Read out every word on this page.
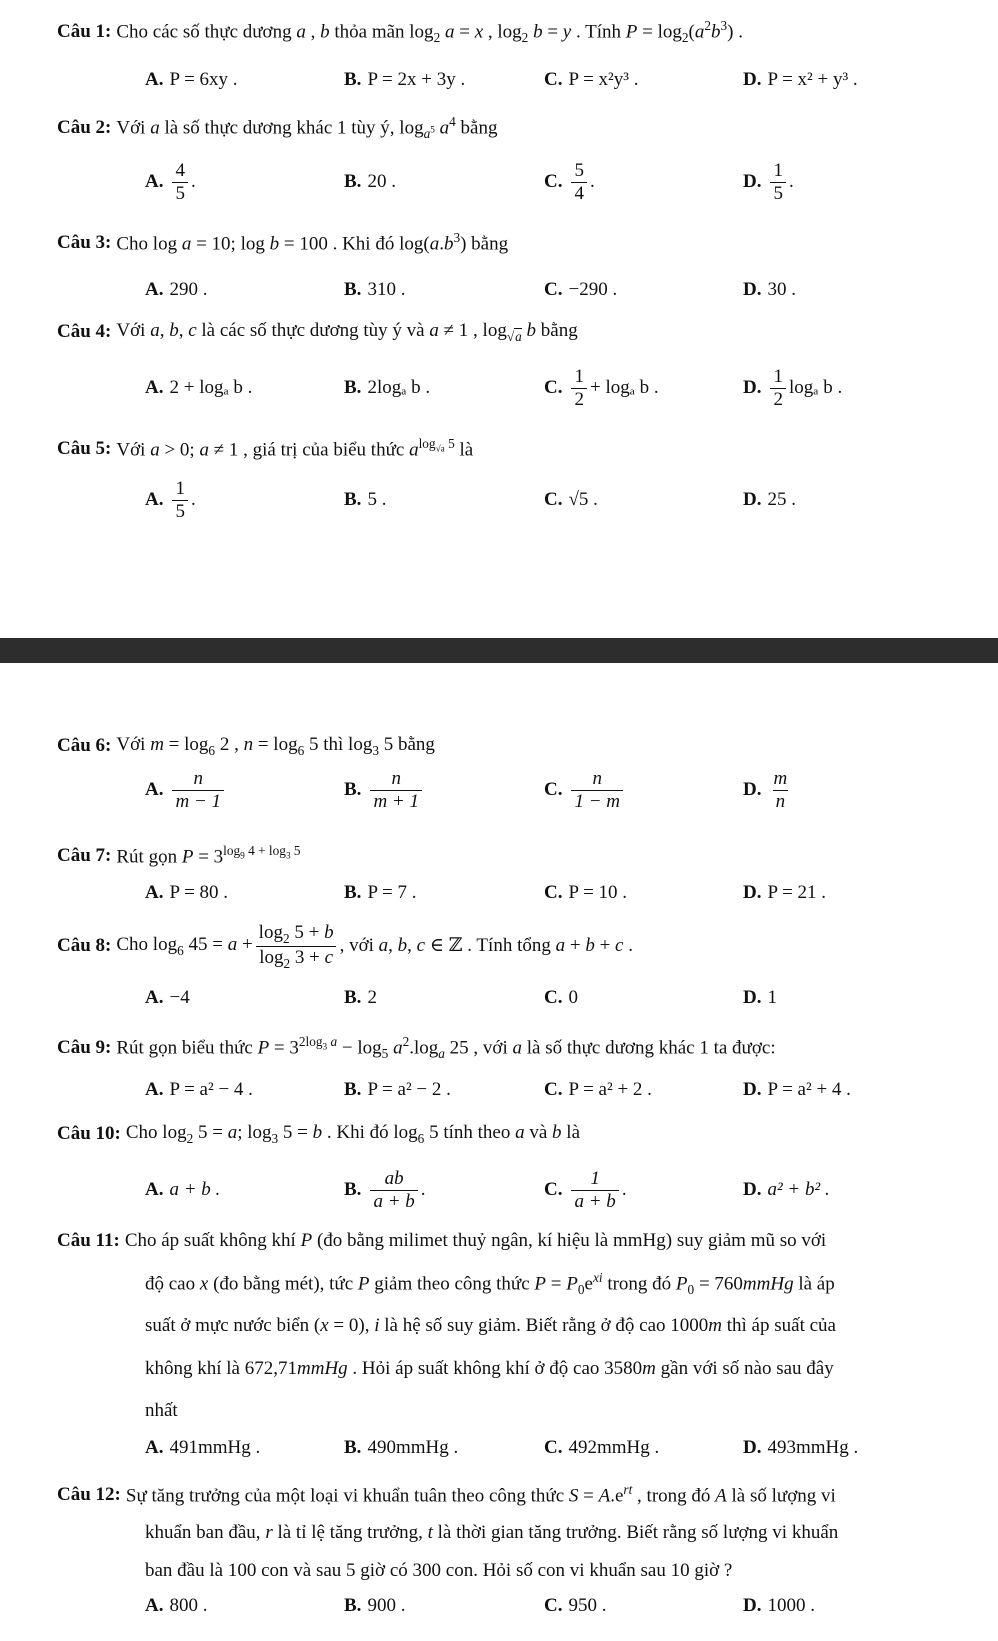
Câu 1: Cho các số thực dương a , b thỏa mãn $\log_2 a = x$ , $\log_2 b = y$ . Tính $P = \log_2(a^2b^3)$ .
A. P = 6xy .	B. P = 2x + 3y .	C. P = x²y³ .	D. P = x² + y³ .
Câu 2: Với a là số thực dương khác 1 tùy ý, $\log_{a^5} a^4$ bằng
A. $\frac{4}{5}$ .	B. 20 .	C. $\frac{5}{4}$ .	D. $\frac{1}{5}$ .
Câu 3: Cho log a = 10; log b = 100 . Khi đó $\log(a.b^3)$ bằng
A. 290 .	B. 310 .	C. −290 .	D. 30 .
Câu 4: Với a, b, c là các số thực dương tùy ý và a ≠ 1 , $\log_{√a} b$ bằng
A. 2 + logₐ b .	B. 2logₐ b .	C. $\frac{1}{2} + \log_a$ b .	D. $\frac{1}{2}$ logₐ b .
Câu 5: Với a > 0; a ≠ 1 , giá trị của biểu thức $a^{log_{√a} 5}$ là
A. $\frac{1}{5}$ .	B. 5 .	C. √5 .	D. 25 .
Câu 6: Với $m = \log_6 2$ , $n = \log_6 5$ thì $\log_3 5$ bằng
A. $\frac{n}{m - 1}$	B. $\frac{n}{m + 1}$	C. $\frac{n}{1 - m}$	D. $\frac{m}{n}$
Câu 7: Rút gọn $P = 3^{log_9 4 + log_3 5}$
A. P = 80 .	B. P = 7 .	C. P = 10 .	D. P = 21 .
Câu 8: Cho $\log_6 45 = a + \frac{\log_2 5 + b}{\log_2 3 + c}$ , với a, b, c ∈ ℤ . Tính tổng a + b + c .
A. −4	B. 2	C. 0	D. 1
Câu 9: Rút gọn biểu thức $P = 3^{2log_3 a} - \log_5 a^2.\log_a$ 25 , với a là số thực dương khác 1 ta được:
A. P = a² − 4 .	B. P = a² − 2 .	C. P = a² + 2 .	D. P = a² + 4 .
Câu 10: Cho $\log_2 5 = a$; $\log_3 5 = b$ . Khi đó $\log_6 5$ tính theo a và b là
A. a + b .	B. $\frac{ab}{a + b}$ .	C. $\frac{1}{a + b}$ .	D. a² + b² .
Câu 11: Cho áp suất không khí P (đo bằng milimet thuỷ ngân, kí hiệu là mmHg) suy giảm mũ so với
độ cao x (đo bằng mét), tức P giảm theo công thức $P = P_0e^{xi}$ trong đó $P_0$ = 760mmHg là áp
suất ở mực nước biển (x = 0), i là hệ số suy giảm. Biết rằng ở độ cao 1000m thì áp suất của
không khí là 672,71mmHg . Hỏi áp suất không khí ở độ cao 3580m gần với số nào sau đây
nhất
A. 491mmHg .	B. 490mmHg .	C. 492mmHg .	D. 493mmHg .
Câu 12: Sự tăng trưởng của một loại vi khuẩn tuân theo công thức $S = A.e^{rt}$ , trong đó A là số lượng vi
khuẩn ban đầu, r là tỉ lệ tăng trưởng, t là thời gian tăng trưởng. Biết rằng số lượng vi khuẩn
ban đầu là 100 con và sau 5 giờ có 300 con. Hỏi số con vi khuẩn sau 10 giờ ?
A. 800 .	B. 900 .	C. 950 .	D. 1000 .
